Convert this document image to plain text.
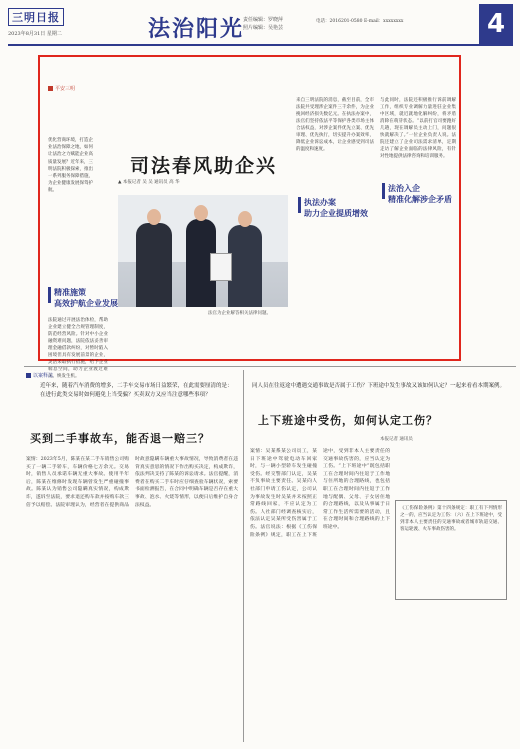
三明日报
2023年8月31日 星期二	法治阳光
责任编辑：罗晓萍
照片编辑：吴艳芸
电话：2016201-0580 E-mail：xxxxxxxx	4
平安三明
优化营商环境，打造企业法治保障之地，如何让法治之力赋能企业高质量发展？近年来，三明法院积极探索，推出一系列服务保障措施，为企业健康发展保驾护航。
司法春风助企兴
▲ 本报记者 吴 吴 通讯员 高 华
法官为企业解答相关法律问题。
法院通过开展法治体检，帮助企业建立健全合规管理制度，防范经营风险。针对中小企业融资难问题，法院依法妥善审理金融借款纠纷，对暂时陷入困境但具有发展前景的企业，灵活采取执行措施，给予企业喘息空间，助力企业渡过难关、焕发生机。
精准施策
高效护航企业发展
来自三明法院的消息，截至目前，全市法院共受理涉企案件三千余件，为企业挽回经济损失数亿元。在执法办案中，法官们坚持依法平等保护各类市场主体合法权益，对涉企案件优先立案、优先审理、优先执行，切实提升办案效率，降低企业诉讼成本，让企业感受到司法的温度和速度。
执法办案
助力企业提质增效
与此同时，法院还积极推行诉前调解工作，组织专业调解力量进驻企业集中区域，就近就地化解纠纷，将矛盾消除在萌芽状态。“以前打官司要跑好几趟，现在调解员主动上门，问题很快就解决了。”一位企业负责人说。法院还建立了企业司法需求清单，定期走访了解企业面临的法律风险，有针对性地提供法律咨询和培训服务。
法治入企
精准化解涉企矛盾
以案释法
近年来，随着汽车消费的增多，二手车交易市场日益繁荣，在此需要厘清的是：在进行此类交易时如何避免上当受骗？买卖双方又应当注意哪些事项？
买到二手事故车，能否退一赔三？
案情：2023年5月，陈某在某二手车销售公司购买了一辆二手轿车，车辆价格七万余元。交易时，销售人员承诺车辆无重大事故。使用半年后，陈某在维修时发现车辆曾发生严重碰撞事故。陈某认为销售公司隐瞒真实情况，构成欺诈，遂诉至法院，要求退还购车款并按购车款三倍予以赔偿。法院审理认为，经营者在提供商品时故意隐瞒车辆重大事故情况，导致消费者在违背真实意思的情况下作出购买决定，构成欺诈，依法判决支持了陈某的诉讼请求。法官提醒，消费者在购买二手车时应仔细查验车辆状况，索要书面检测报告，在合同中明确车辆是否存在重大事故、泡水、火烧等情形，以便日后维护自身合法权益。
同人员在往返途中遭遇交通事故是否属于工伤？下班途中发生事故又该如何认定？一起来看看本期案例。
上下班途中受伤，如何认定工伤？
本报记者 通讯员
案情：吴某系某公司员工，某日下班途中驾驶电动车回家时，与一辆小型轿车发生碰撞受伤。经交警部门认定，吴某不负事故主要责任。吴某向人社部门申请工伤认定，公司认为事故发生时吴某并未按照正常路线回家，不应认定为工伤。人社部门经调查核实后，依法认定吴某所受伤害属于工伤。法官说法：根据《工伤保险条例》规定，职工在上下班途中，受到非本人主要责任的交通事故伤害的，应当认定为工伤。“上下班途中”既包括职工在合理时间内往返于工作地与住所地的合理路线，也包括职工在合理时间内往返于工作地与配偶、父母、子女居住地的合理路线，以及从事属于日常工作生活所需要的活动，且在合理时间和合理路线的上下班途中。
《工伤保险条例》第十四条规定：职工有下列情形之一的，应当认定为工伤：（六）在上下班途中，受到非本人主要责任的交通事故或者城市轨道交通、客运轮渡、火车事故伤害的。
